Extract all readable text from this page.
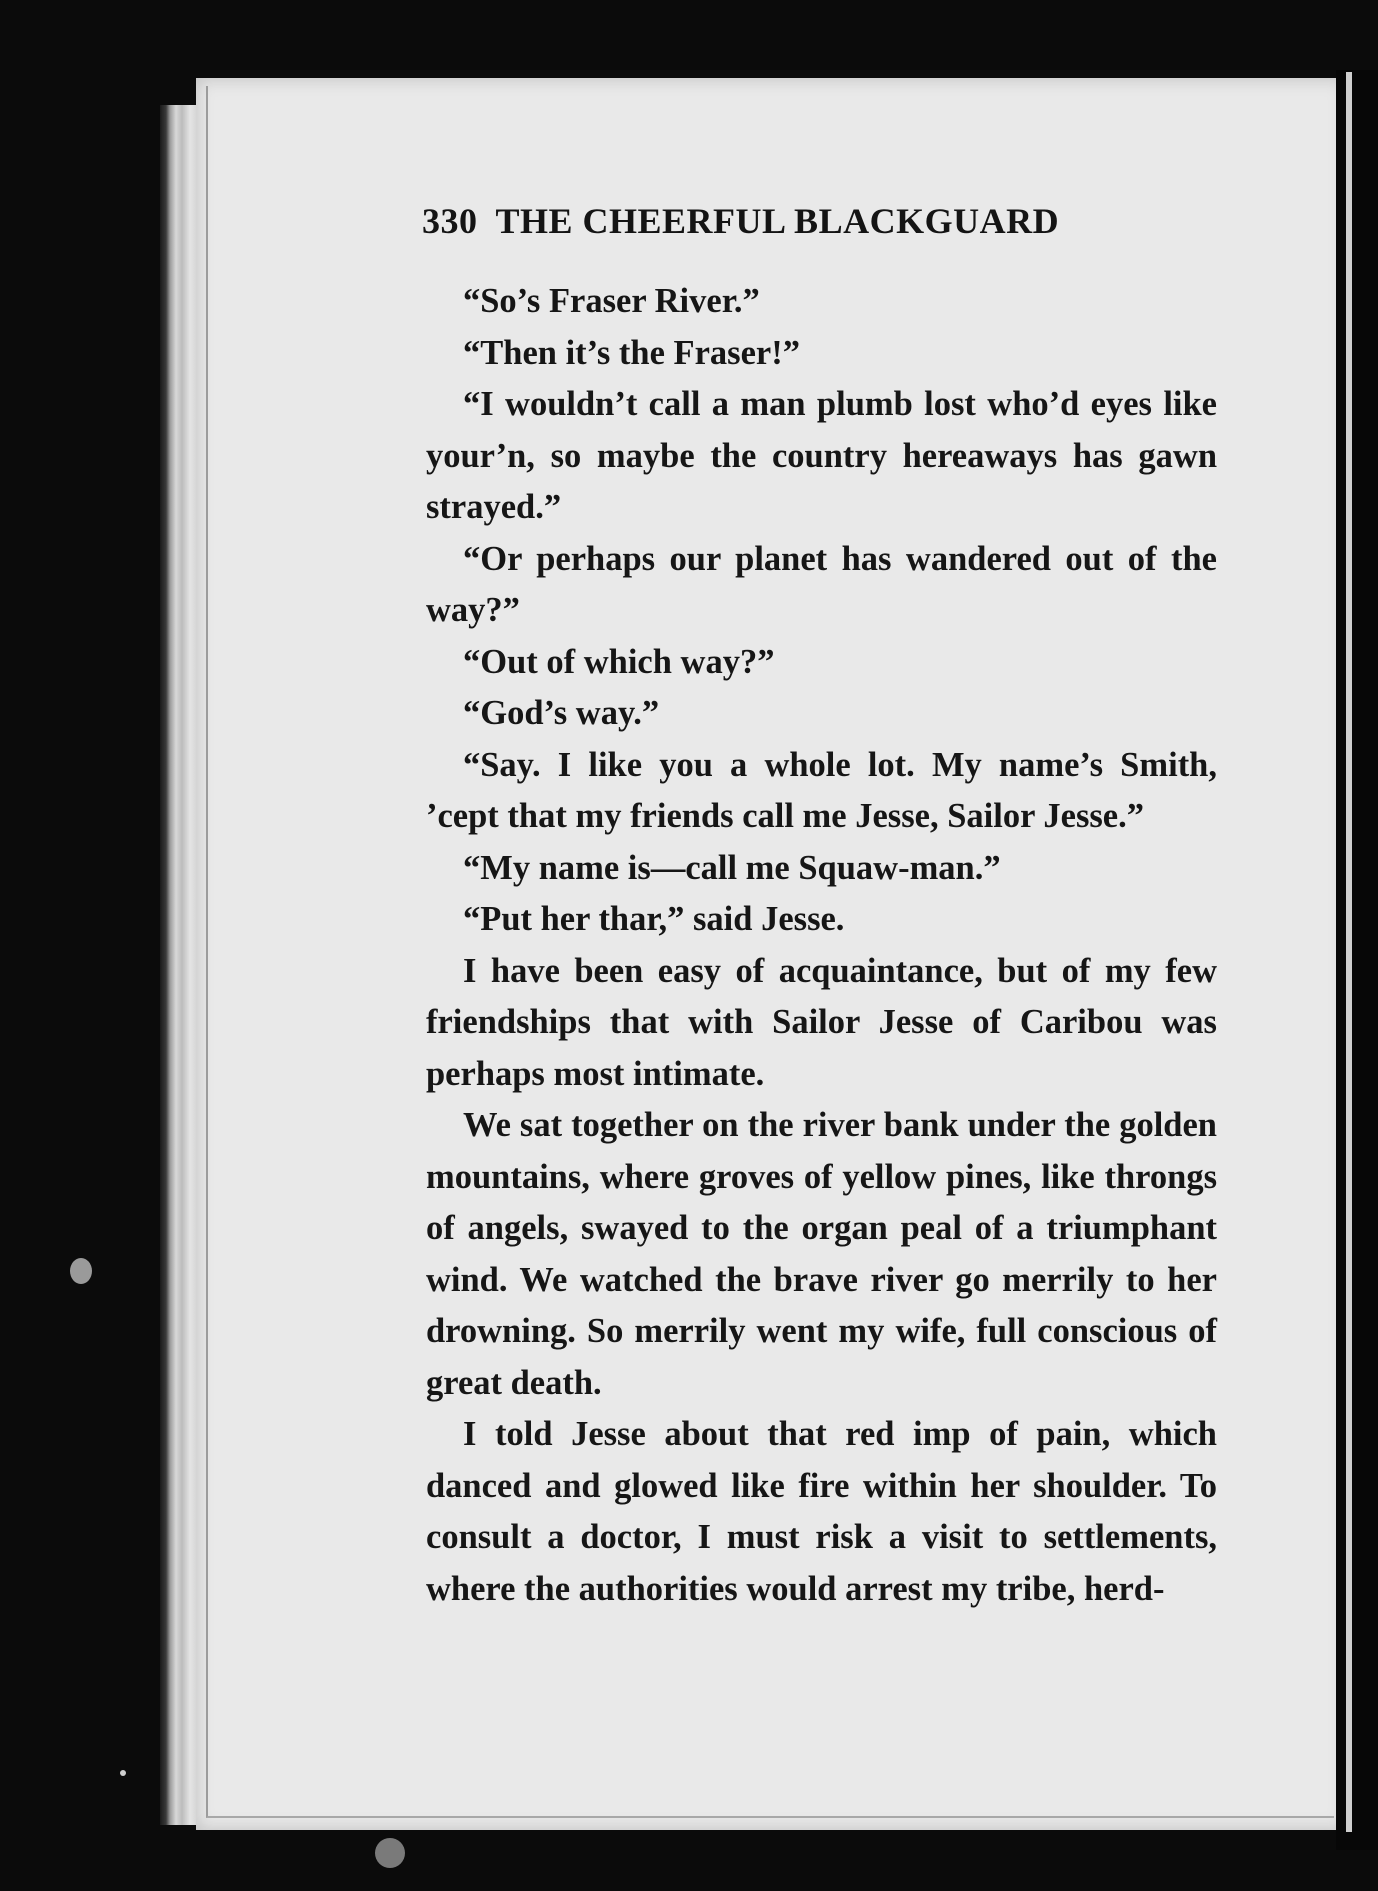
330 THE CHEERFUL BLACKGUARD

“So’s Fraser River.”

“Then it’s the Fraser!”

“I wouldn’t call a man plumb lost who’d eyes like your’n, so maybe the country hereaways has gawn strayed.”

“Or perhaps our planet has wandered out of the way?”

“Out of which way?”

“God’s way.”

“Say. I like you a whole lot. My name’s Smith, ’cept that my friends call me Jesse, Sailor Jesse.”

“My name is—call me Squaw-man.”

“Put her thar,” said Jesse.

I have been easy of acquaintance, but of my few friendships that with Sailor Jesse of Caribou was perhaps most intimate.

We sat together on the river bank under the golden mountains, where groves of yellow pines, like throngs of angels, swayed to the organ peal of a triumphant wind. We watched the brave river go merrily to her drowning. So merrily went my wife, full conscious of great death.

I told Jesse about that red imp of pain, which danced and glowed like fire within her shoulder. To consult a doctor, I must risk a visit to settlements, where the authorities would arrest my tribe, herd-
